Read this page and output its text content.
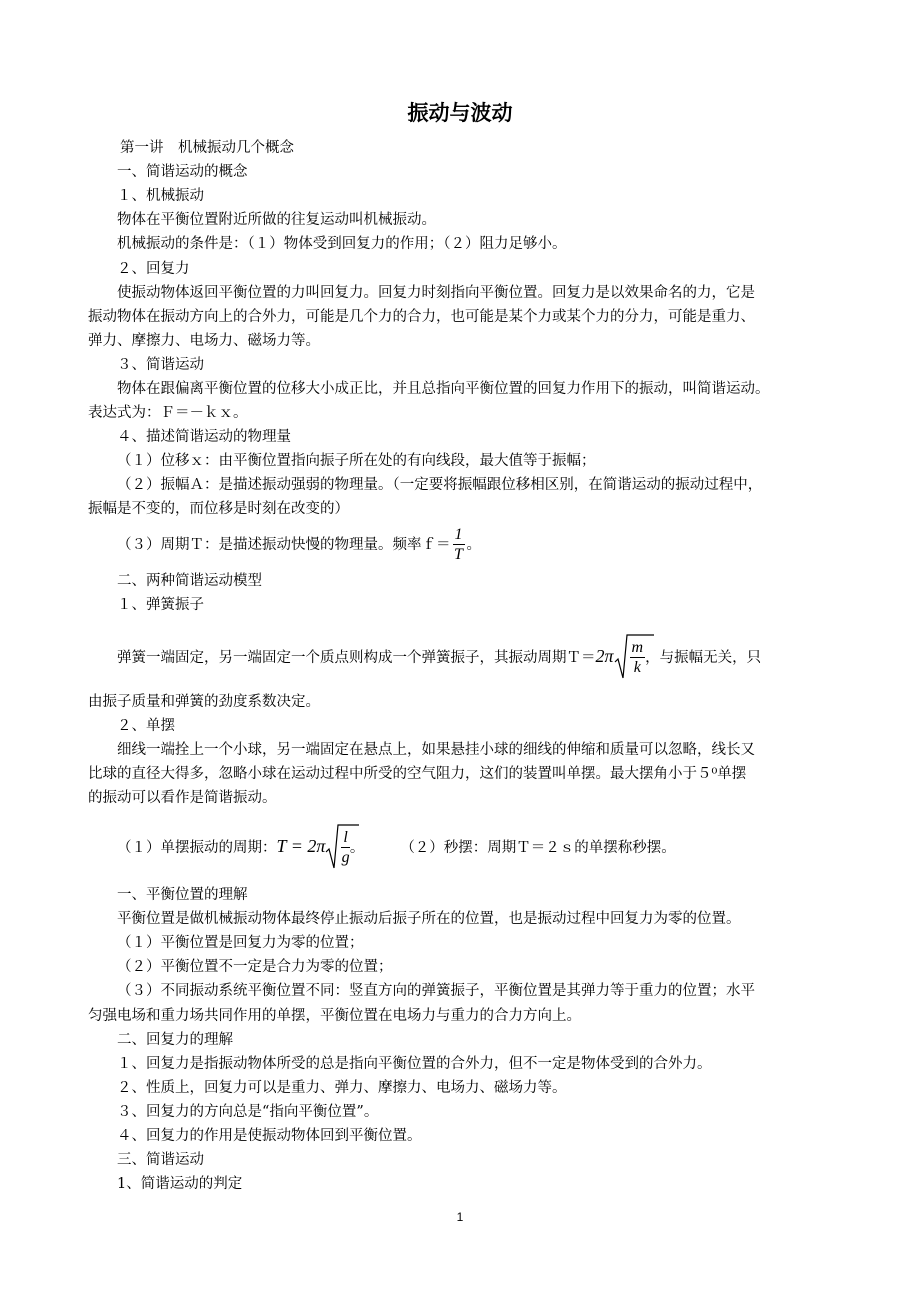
振动与波动
第一讲　机械振动几个概念
一、简谐运动的概念
１、机械振动
物体在平衡位置附近所做的往复运动叫机械振动。
机械振动的条件是：（１）物体受到回复力的作用；（２）阻力足够小。
２、回复力
使振动物体返回平衡位置的力叫回复力。回复力时刻指向平衡位置。回复力是以效果命名的力，它是
振动物体在振动方向上的合外力，可能是几个力的合力，也可能是某个力或某个力的分力，可能是重力、
弹力、摩擦力、电场力、磁场力等。
３、简谐运动
物体在跟偏离平衡位置的位移大小成正比，并且总指向平衡位置的回复力作用下的振动，叫简谐运动。
表达式为：Ｆ＝－ｋｘ。
４、描述简谐运动的物理量
（１）位移ｘ：由平衡位置指向振子所在处的有向线段，最大值等于振幅；
（２）振幅Ａ：是描述振动强弱的物理量。（一定要将振幅跟位移相区别，在简谐运动的振动过程中，
振幅是不变的，而位移是时刻在改变的）
（３）周期Ｔ：是描述振动快慢的物理量。频率ｆ＝ $\frac{1}{T}$ 。
二、两种简谐运动模型
１、弹簧振子
弹簧一端固定，另一端固定一个质点则构成一个弹簧振子，其振动周期Ｔ＝2π $\frac{m}{k}$ ，与振幅无关，只
由振子质量和弹簧的劲度系数决定。
２、单摆
细线一端拴上一个小球，另一端固定在悬点上，如果悬挂小球的细线的伸缩和质量可以忽略，线长又
比球的直径大得多，忽略小球在运动过程中所受的空气阻力，这们的装置叫单摆。最大摆角小于５⁰单摆
的振动可以看作是简谐振动。
（１）单摆振动的周期：$T = 2\pi \frac{l}{g}$ 。 （２）秒摆：周期Ｔ＝２ｓ的单摆称秒摆。
一、平衡位置的理解
平衡位置是做机械振动物体最终停止振动后振子所在的位置，也是振动过程中回复力为零的位置。
（１）平衡位置是回复力为零的位置；
（２）平衡位置不一定是合力为零的位置；
（３）不同振动系统平衡位置不同：竖直方向的弹簧振子，平衡位置是其弹力等于重力的位置；水平
匀强电场和重力场共同作用的单摆，平衡位置在电场力与重力的合力方向上。
二、回复力的理解
１、回复力是指振动物体所受的总是指向平衡位置的合外力，但不一定是物体受到的合外力。
２、性质上，回复力可以是重力、弹力、摩擦力、电场力、磁场力等。
３、回复力的方向总是“指向平衡位置”。
４、回复力的作用是使振动物体回到平衡位置。
三、简谐运动
1、简谐运动的判定
1
